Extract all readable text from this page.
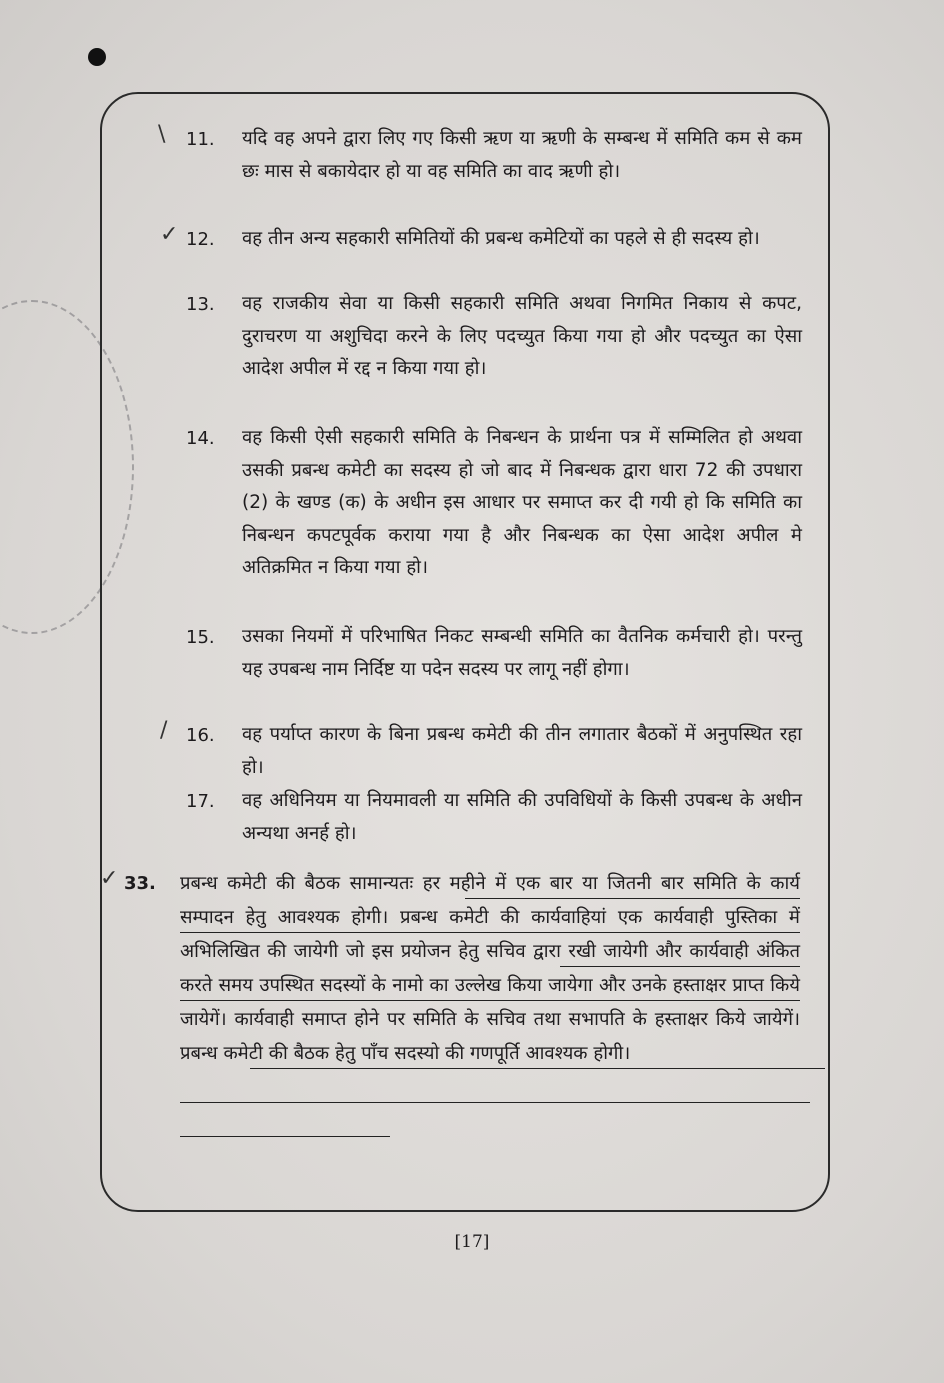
\
✓
/
✓
11. यदि वह अपने द्वारा लिए गए किसी ऋण या ऋणी के सम्बन्ध में समिति कम से कम छः मास से बकायेदार हो या वह समिति का वाद ऋणी हो।
12. वह तीन अन्य सहकारी समितियों की प्रबन्ध कमेटियों का पहले से ही सदस्य हो।
13. वह राजकीय सेवा या किसी सहकारी समिति अथवा निगमित निकाय से कपट, दुराचरण या अशुचिदा करने के लिए पदच्युत किया गया हो और पदच्युत का ऐसा आदेश अपील में रद्द न किया गया हो।
14. वह किसी ऐसी सहकारी समिति के निबन्धन के प्रार्थना पत्र में सम्मिलित हो अथवा उसकी प्रबन्ध कमेटी का सदस्य हो जो बाद में निबन्धक द्वारा धारा 72 की उपधारा (2) के खण्ड (क) के अधीन इस आधार पर समाप्त कर दी गयी हो कि समिति का निबन्धन कपटपूर्वक कराया गया है और निबन्धक का ऐसा आदेश अपील मे अतिक्रमित न किया गया हो।
15. उसका नियमों में परिभाषित निकट सम्बन्धी समिति का वैतनिक कर्मचारी हो। परन्तु यह उपबन्ध नाम निर्दिष्ट या पदेन सदस्य पर लागू नहीं होगा।
16. वह पर्याप्त कारण के बिना प्रबन्ध कमेटी की तीन लगातार बैठकों में अनुपस्थित रहा हो।
17. वह अधिनियम या नियमावली या समिति की उपविधियों के किसी उपबन्ध के अधीन अन्यथा अनर्ह हो।
33. प्रबन्ध कमेटी की बैठक सामान्यतः हर महीने में एक बार या जितनी बार समिति के कार्य सम्पादन हेतु आवश्यक होगी। प्रबन्ध कमेटी की कार्यवाहियां एक कार्यवाही पुस्तिका में अभिलिखित की जायेगी जो इस प्रयोजन हेतु सचिव द्वारा रखी जायेगी और कार्यवाही अंकित करते समय उपस्थित सदस्यों के नामो का उल्लेख किया जायेगा और उनके हस्ताक्षर प्राप्त किये जायेगें। कार्यवाही समाप्त होने पर समिति के सचिव तथा सभापति के हस्ताक्षर किये जायेगें। प्रबन्ध कमेटी की बैठक हेतु पाँच सदस्यो की गणपूर्ति आवश्यक होगी।
[17]
